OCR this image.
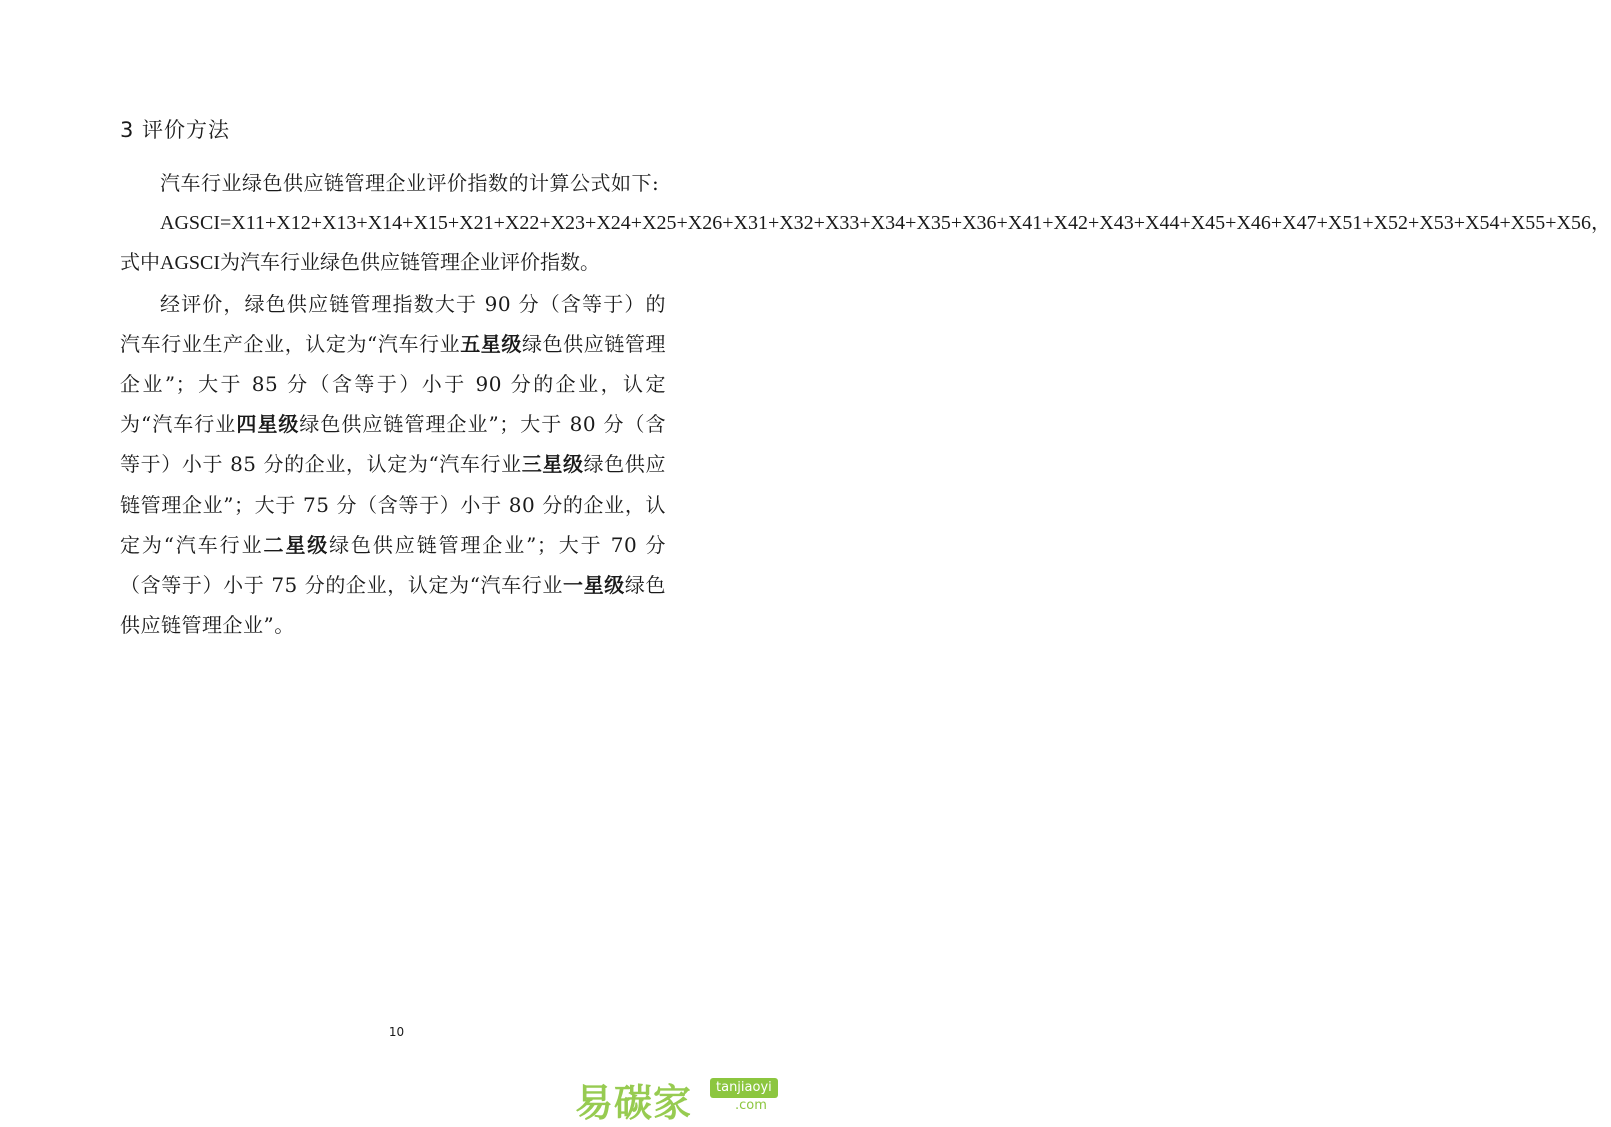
3 评价方法

汽车行业绿色供应链管理企业评价指数的计算公式如下:

AGSCI=X11+X12+X13+X14+X15+X21+X22+X23+X24+X25+X26+X31+X32+X33+X34+X35+X36+X41+X42+X43+X44+X45+X46+X47+X51+X52+X53+X54+X55+X56，式中AGSCI为汽车行业绿色供应链管理企业评价指数。

经评价，绿色供应链管理指数大于 90 分（含等于）的汽车行业生产企业，认定为“汽车行业五星级绿色供应链管理企业”；大于 85 分（含等于）小于 90 分的企业，认定为“汽车行业四星级绿色供应链管理企业”；大于 80 分（含等于）小于 85 分的企业，认定为“汽车行业三星级绿色供应链管理企业”；大于 75 分（含等于）小于 80 分的企业，认定为“汽车行业二星级绿色供应链管理企业”；大于 70 分（含等于）小于 75 分的企业，认定为“汽车行业一星级绿色供应链管理企业”。

10
易碳家	tanjiaoyi
.com
